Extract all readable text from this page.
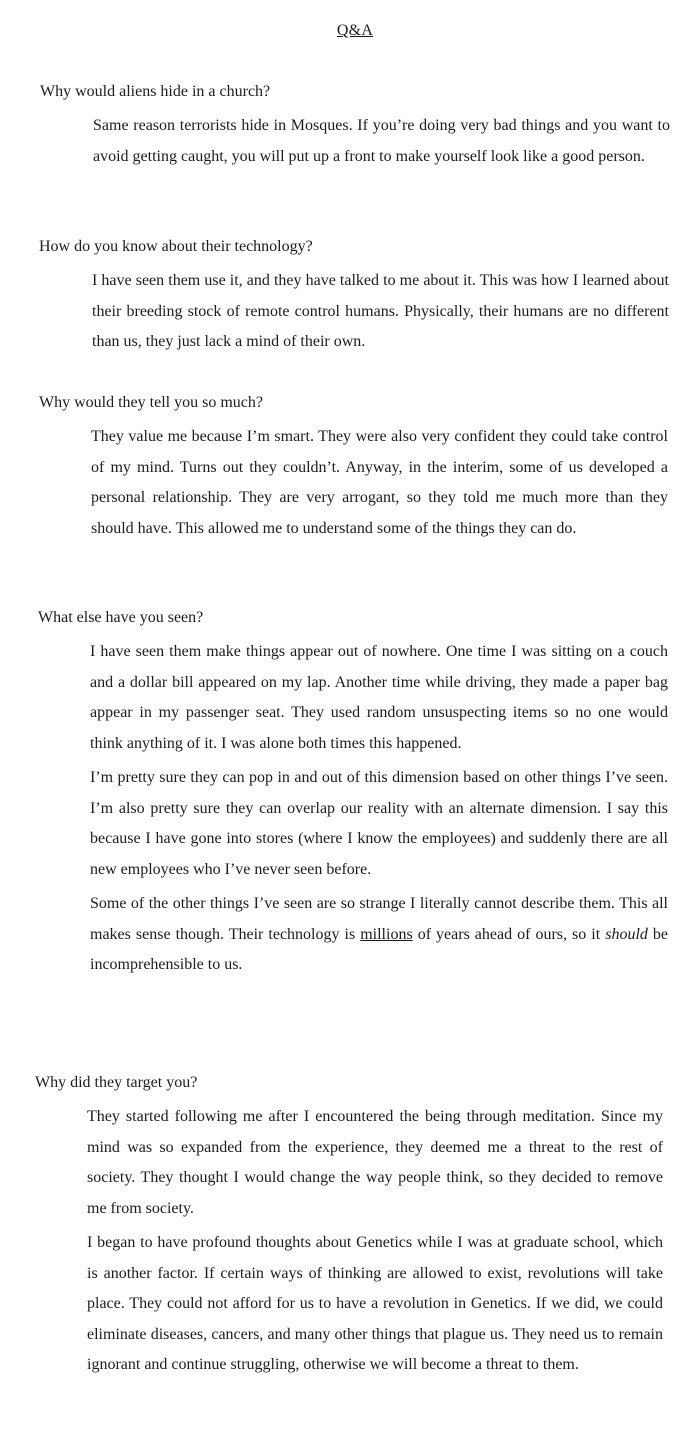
Q&A

Why would aliens hide in a church?

Same reason terrorists hide in Mosques. If you’re doing very bad things and you want to avoid getting caught, you will put up a front to make yourself look like a good person.

How do you know about their technology?

I have seen them use it, and they have talked to me about it. This was how I learned about their breeding stock of remote control humans. Physically, their humans are no different than us, they just lack a mind of their own.

Why would they tell you so much?

They value me because I’m smart. They were also very confident they could take control of my mind. Turns out they couldn’t. Anyway, in the interim, some of us developed a personal relationship. They are very arrogant, so they told me much more than they should have. This allowed me to understand some of the things they can do.

What else have you seen?

I have seen them make things appear out of nowhere. One time I was sitting on a couch and a dollar bill appeared on my lap. Another time while driving, they made a paper bag appear in my passenger seat. They used random unsuspecting items so no one would think anything of it. I was alone both times this happened.

I’m pretty sure they can pop in and out of this dimension based on other things I’ve seen. I’m also pretty sure they can overlap our reality with an alternate dimension. I say this because I have gone into stores (where I know the employees) and suddenly there are all new employees who I’ve never seen before.

Some of the other things I’ve seen are so strange I literally cannot describe them. This all makes sense though. Their technology is millions of years ahead of ours, so it should be incomprehensible to us.

Why did they target you?

They started following me after I encountered the being through meditation. Since my mind was so expanded from the experience, they deemed me a threat to the rest of society. They thought I would change the way people think, so they decided to remove me from society.

I began to have profound thoughts about Genetics while I was at graduate school, which is another factor. If certain ways of thinking are allowed to exist, revolutions will take place. They could not afford for us to have a revolution in Genetics. If we did, we could eliminate diseases, cancers, and many other things that plague us. They need us to remain ignorant and continue struggling, otherwise we will become a threat to them.
